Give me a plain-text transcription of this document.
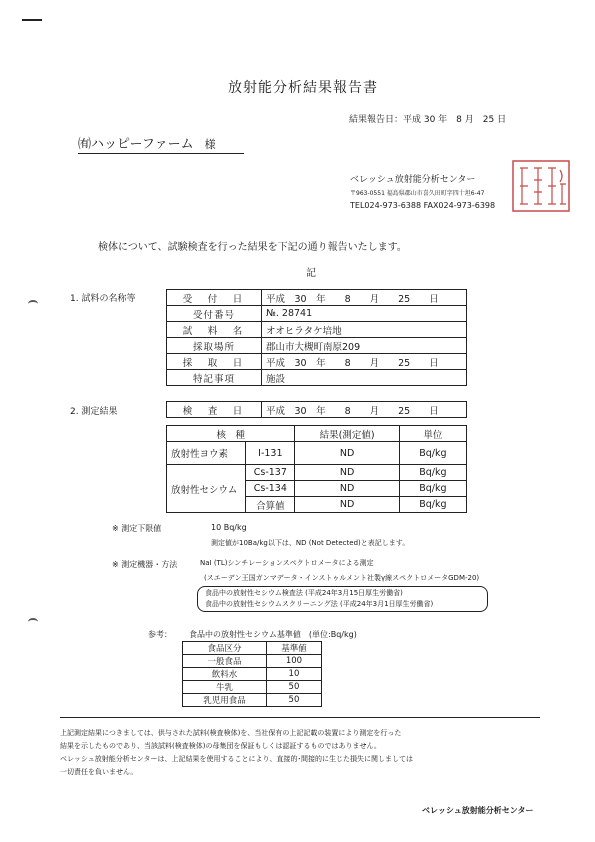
放射能分析結果報告書
結果報告日：平成 30 年　8 月　25 日
㈲ハッピーファーム 様
ベレッシュ放射能分析センター
〒963-0551 福島県郡山市喜久田町字四十坦6-47
TEL024-973-6388 FAX024-973-6398
検体について、試験検査を行った結果を下記の通り報告いたします。
記
1. 試料の名称等	受　付　日	平成　30　年　　8　　月　　25　　日
受付番号	№. 28741
試　料　名	オオヒラタケ培地
採取場所	郡山市大槻町南原209
採　取　日	平成　30　年　　8　　月　　25　　日
特記事項	施設
2. 測定結果	検　査　日	平成　30　年　　8　　月　　25　　日
核　種		結果(測定値)	単位
放射性ヨウ素	I-131	ND	Bq/kg
放射性セシウム	Cs-137	ND	Bq/kg
	Cs-134	ND	Bq/kg
	合算値	ND	Bq/kg
※ 測定下限値	10 Bq/kg
測定値が10Ba/kg以下は、ND (Not Detected)と表記します。
※ 測定機器・方法	NaI (TL)シンチレーションスペクトロメータによる測定
(スエーデン王国ガンマデータ・インストゥルメント社製γ線スペクトロメータGDM-20)
食品中の放射性セシウム検査法 (平成24年3月15日厚生労働省)
食品中の放射性セシウムスクリーニング法 (平成24年3月1日厚生労働省)
参考： 食品中の放射性セシウム基準値　(単位:Bq/kg)
食品区分	基準値
一般食品	100
飲料水	10
牛乳	50
乳児用食品	50
上記測定結果につきましては、供与された試料(検査検体)を、当社保有の上記記載の装置により測定を行った
結果を示したものであり、当該試料(検査検体)の母集団を保証もしくは認証するものではありません。
ベレッシュ放射能分析センターは、上記結果を使用することにより、直接的･間接的に生じた損失に関しましては
一切責任を負いません。
ベレッシュ放射能分析センター
